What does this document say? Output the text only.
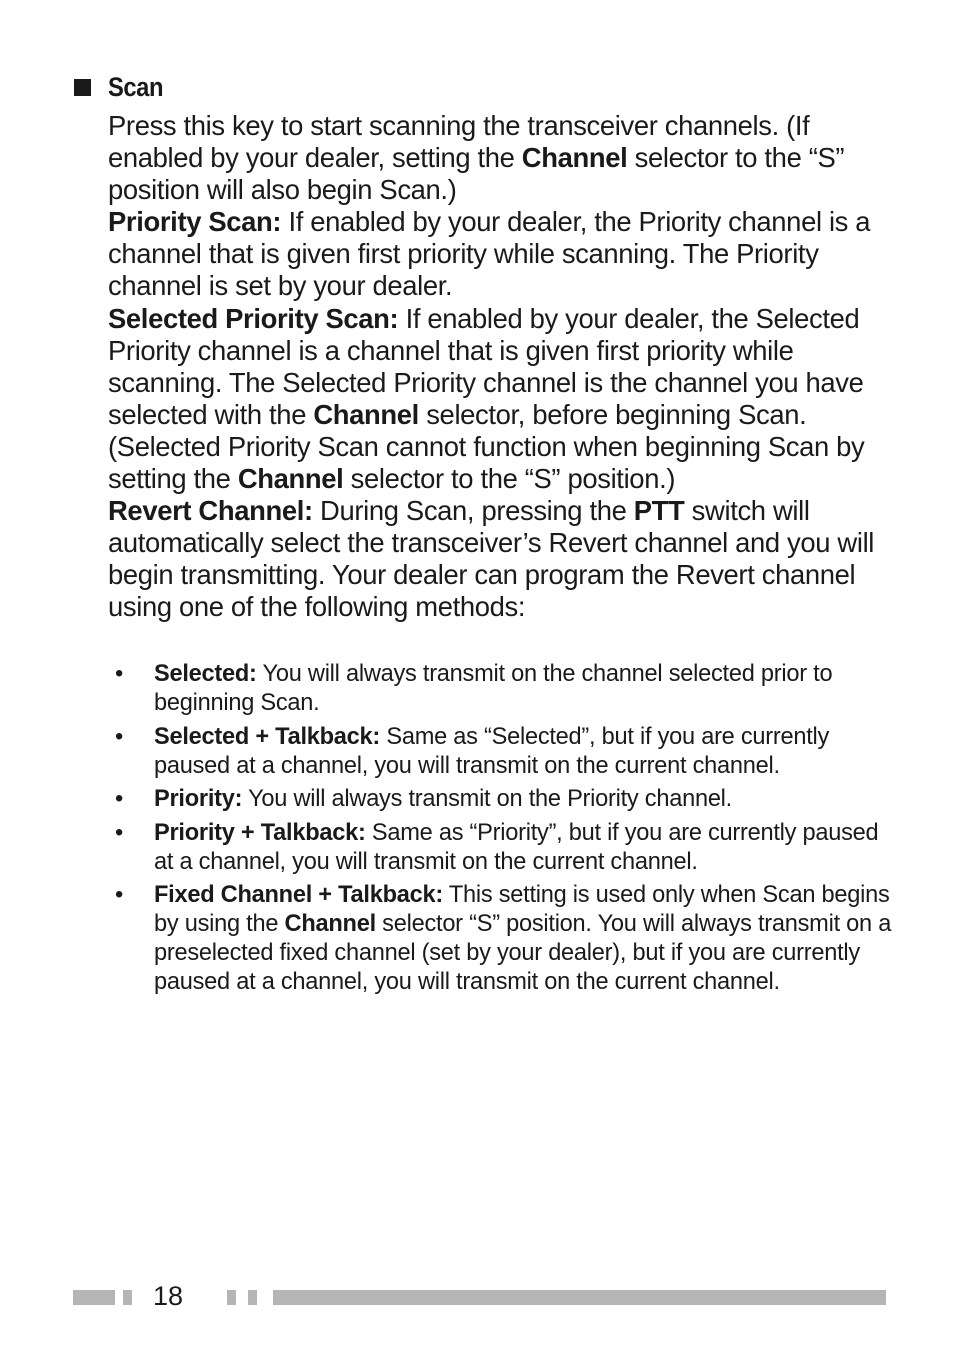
Scan

Press this key to start scanning the transceiver channels. (If enabled by your dealer, setting the Channel selector to the “S” position will also begin Scan.)

Priority Scan: If enabled by your dealer, the Priority channel is a channel that is given first priority while scanning. The Priority channel is set by your dealer.

Selected Priority Scan: If enabled by your dealer, the Selected Priority channel is a channel that is given first priority while scanning. The Selected Priority channel is the channel you have selected with the Channel selector, before beginning Scan. (Selected Priority Scan cannot function when beginning Scan by setting the Channel selector to the “S” position.)

Revert Channel: During Scan, pressing the PTT switch will automatically select the transceiver’s Revert channel and you will begin transmitting. Your dealer can program the Revert channel using one of the following methods:

• Selected: You will always transmit on the channel selected prior to beginning Scan.
• Selected + Talkback: Same as “Selected”, but if you are currently paused at a channel, you will transmit on the current channel.
• Priority: You will always transmit on the Priority channel.
• Priority + Talkback: Same as “Priority”, but if you are currently paused at a channel, you will transmit on the current channel.
• Fixed Channel + Talkback: This setting is used only when Scan begins by using the Channel selector “S” position. You will always transmit on a preselected fixed channel (set by your dealer), but if you are currently paused at a channel, you will transmit on the current channel.
18
